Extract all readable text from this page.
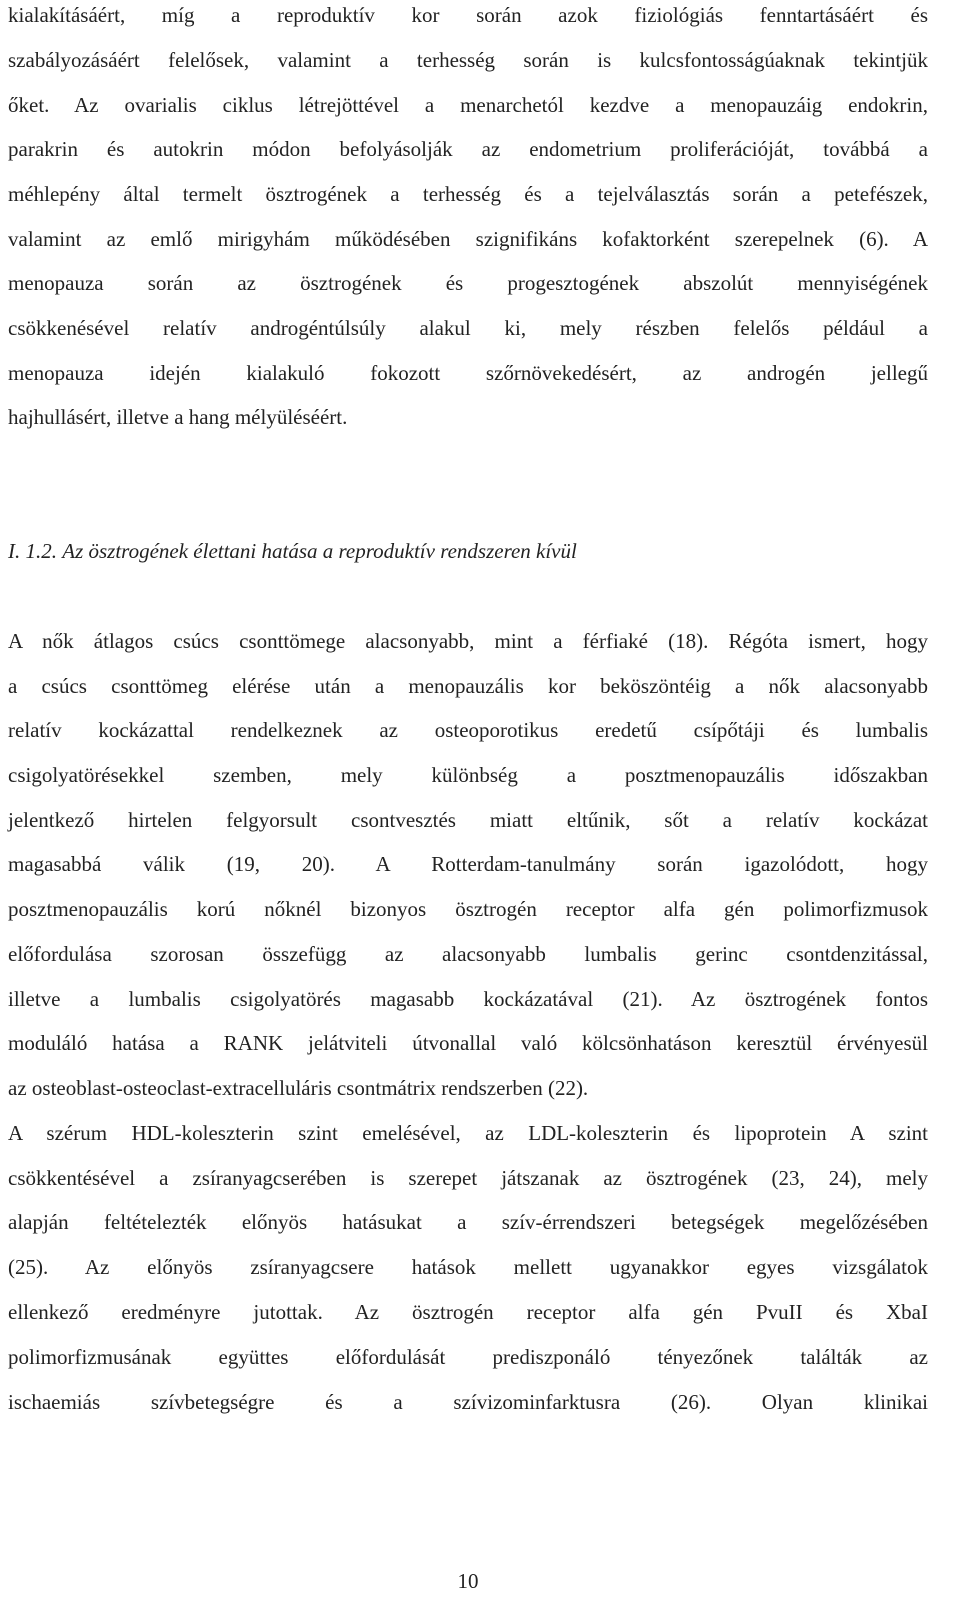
kialakításáért, míg a reproduktív kor során azok fiziológiás fenntartásáért és
szabályozásáért felelősek, valamint a terhesség során is kulcsfontosságúaknak tekintjük
őket. Az ovarialis ciklus létrejöttével a menarchetól kezdve a menopauzáig endokrin,
parakrin és autokrin módon befolyásolják az endometrium proliferációját, továbbá a
méhlepény által termelt ösztrogének a terhesség és a tejelválasztás során a petefészek,
valamint az emlő mirigyhám működésében szignifikáns kofaktorként szerepelnek (6). A
menopauza során az ösztrogének és progesztogének abszolút mennyiségének
csökkenésével relatív androgéntúlsúly alakul ki, mely részben felelős például a
menopauza idején kialakuló fokozott szőrnövekedésért, az androgén jellegű
hajhullásért, illetve a hang mélyüléséért.
I. 1.2. Az ösztrogének élettani hatása a reproduktív rendszeren kívül
A nők átlagos csúcs csonttömege alacsonyabb, mint a férfiaké (18). Régóta ismert, hogy
a csúcs csonttömeg elérése után a menopauzális kor beköszöntéig a nők alacsonyabb
relatív kockázattal rendelkeznek az osteoporotikus eredetű csípőtáji és lumbalis
csigolyatörésekkel szemben, mely különbség a posztmenopauzális időszakban
jelentkező hirtelen felgyorsult csontvesztés miatt eltűnik, sőt a relatív kockázat
magasabbá válik (19, 20). A Rotterdam-tanulmány során igazolódott, hogy
posztmenopauzális korú nőknél bizonyos ösztrogén receptor alfa gén polimorfizmusok
előfordulása szorosan összefügg az alacsonyabb lumbalis gerinc csontdenzitással,
illetve a lumbalis csigolyatörés magasabb kockázatával (21). Az ösztrogének fontos
moduláló hatása a RANK jelátviteli útvonallal való kölcsönhatáson keresztül érvényesül
az osteoblast-osteoclast-extracelluláris csontmátrix rendszerben (22).
A szérum HDL-koleszterin szint emelésével, az LDL-koleszterin és lipoprotein A szint
csökkentésével a zsíranyagcserében is szerepet játszanak az ösztrogének (23, 24), mely
alapján feltételezték előnyös hatásukat a szív-érrendszeri betegségek megelőzésében
(25). Az előnyös zsíranyagcsere hatások mellett ugyanakkor egyes vizsgálatok
ellenkező eredményre jutottak. Az ösztrogén receptor alfa gén PvuII és XbaI
polimorfizmusának együttes előfordulását prediszponáló tényezőnek találták az
ischaemiás szívbetegségre és a szívizominfarktusra (26). Olyan klinikai
10
